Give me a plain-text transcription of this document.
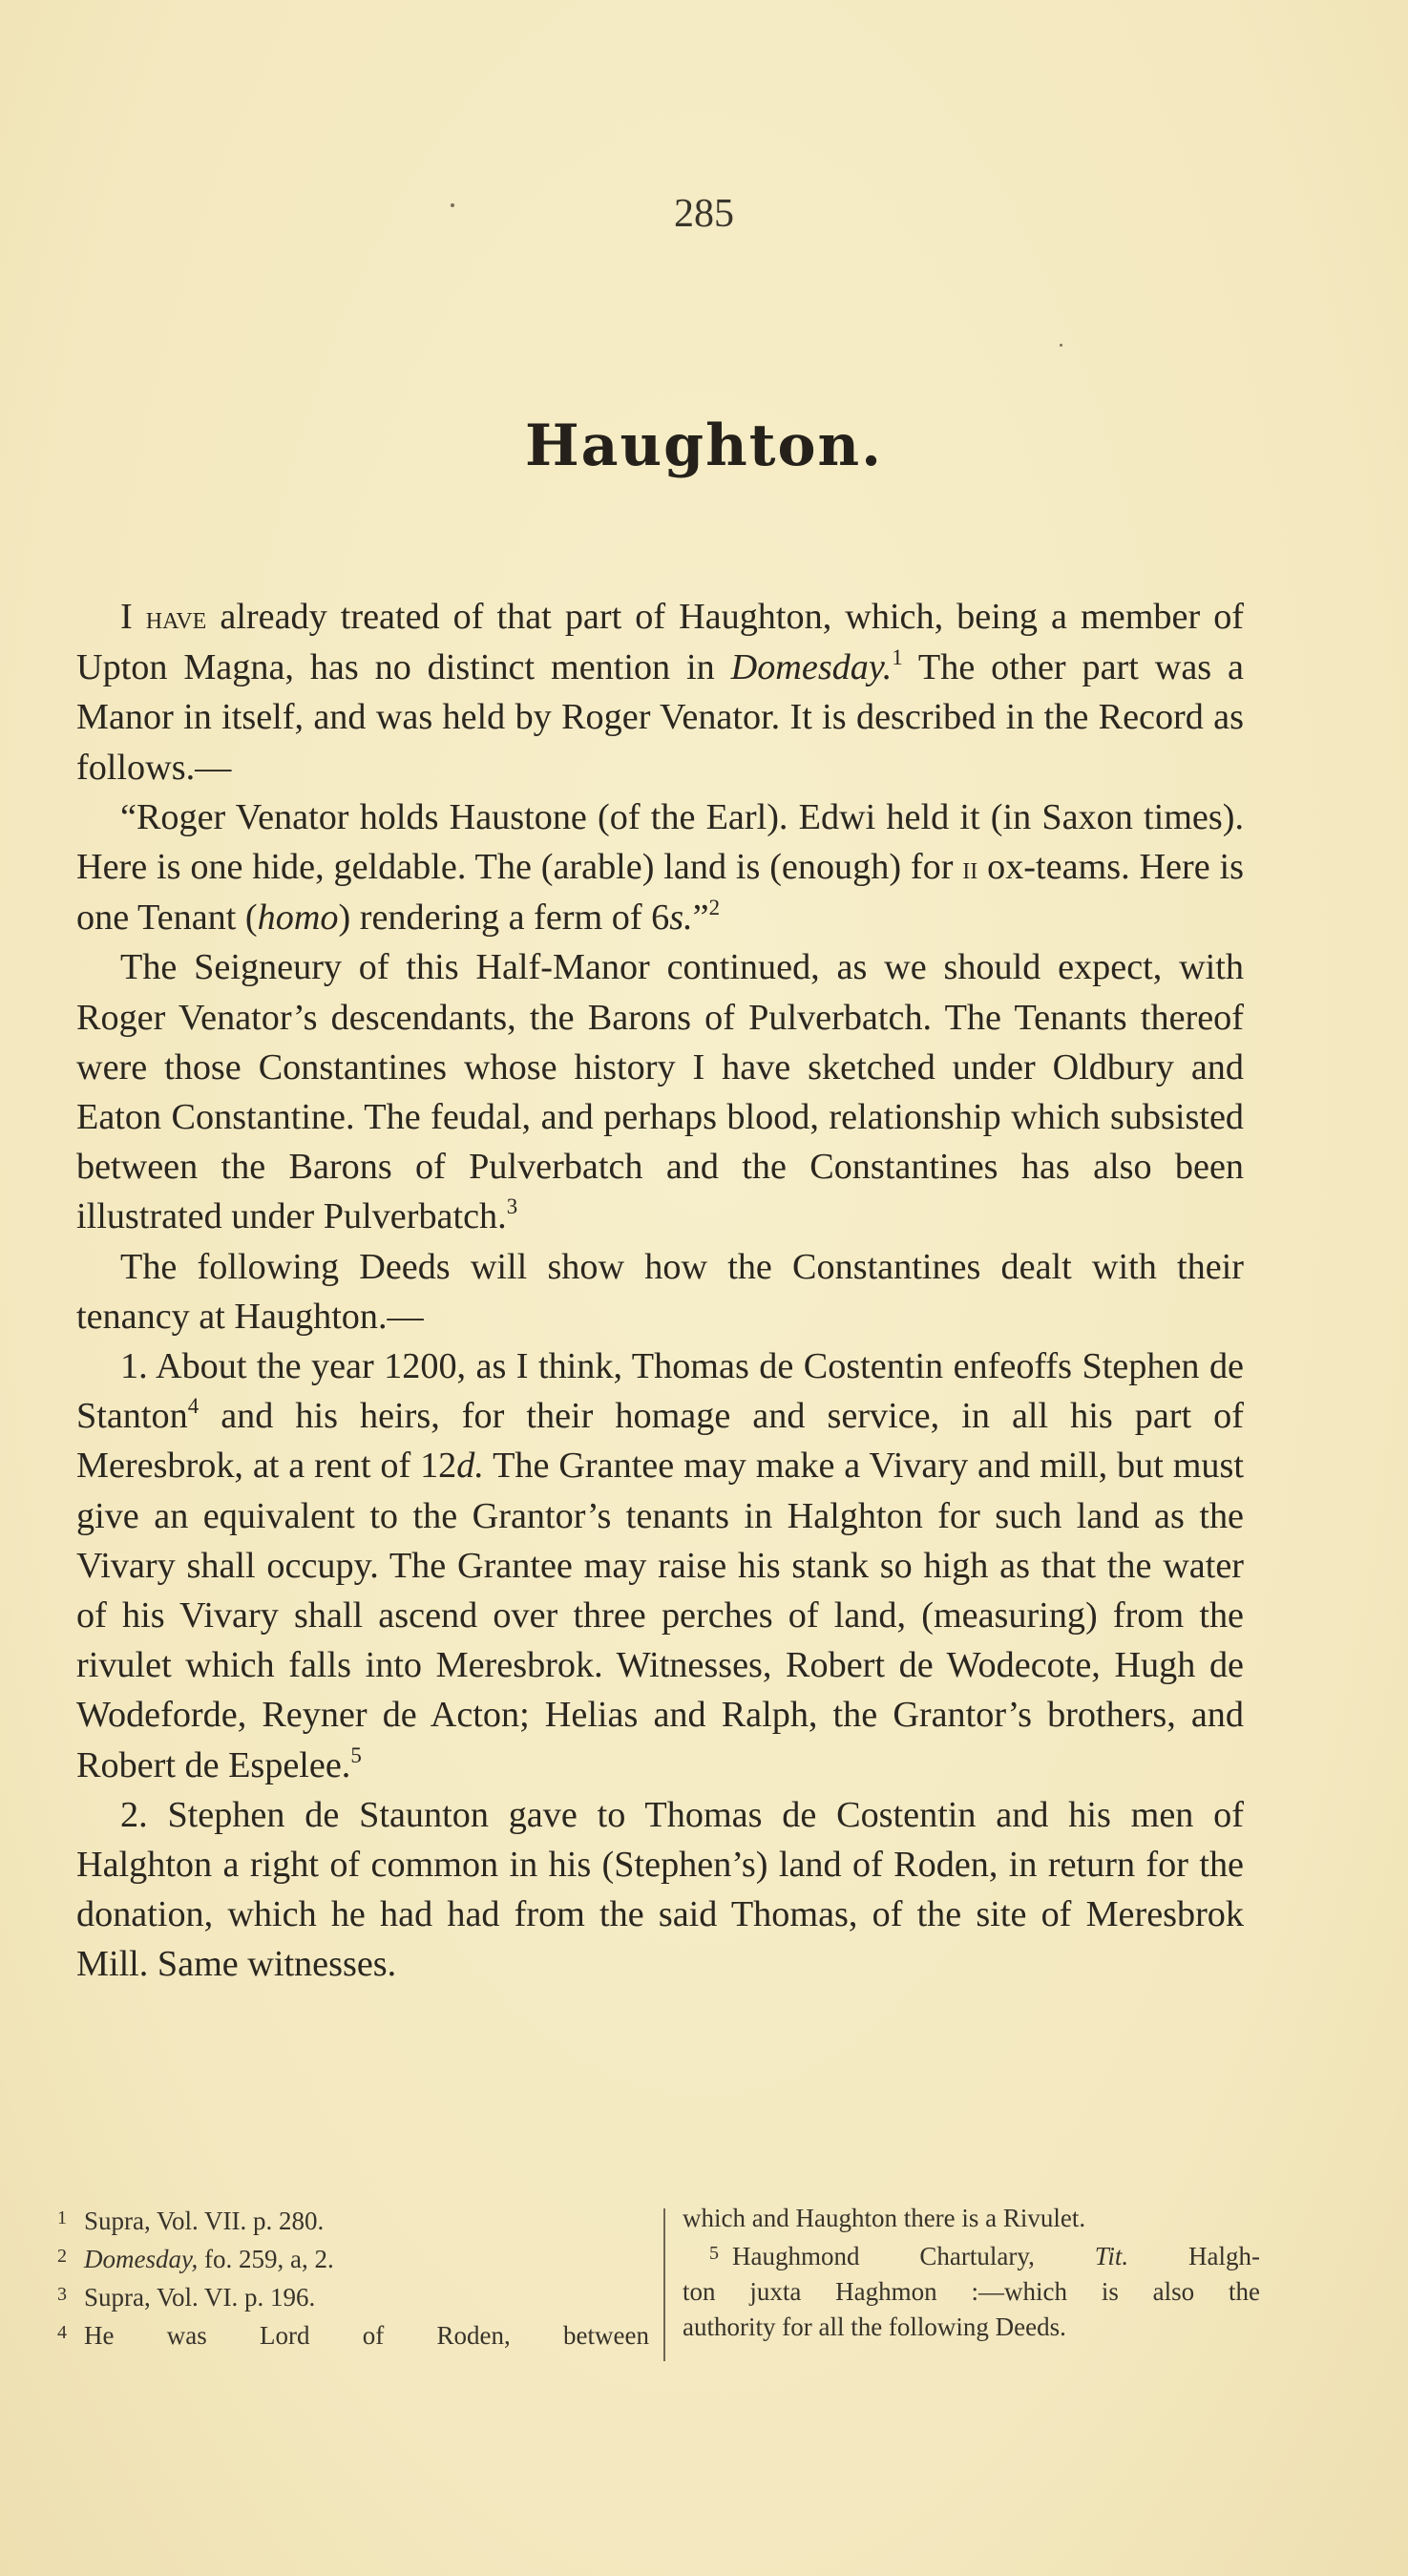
285
Haughton.

I have already treated of that part of Haughton, which, being a member of Upton Magna, has no distinct mention in Domesday.$^1$ The other part was a Manor in itself, and was held by Roger Venator. It is described in the Record as follows.—

“Roger Venator holds Haustone (of the Earl). Edwi held it (in Saxon times). Here is one hide, geldable. The (arable) land is (enough) for ii ox-teams. Here is one Tenant (homo) rendering a ferm of 6s.”$^2$

The Seigneury of this Half-Manor continued, as we should expect, with Roger Venator’s descendants, the Barons of Pulverbatch. The Tenants thereof were those Constantines whose history I have sketched under Oldbury and Eaton Constantine. The feudal, and perhaps blood, relationship which subsisted between the Barons of Pulverbatch and the Constantines has also been illustrated under Pulverbatch.$^3$

The following Deeds will show how the Constantines dealt with their tenancy at Haughton.—

1. About the year 1200, as I think, Thomas de Costentin enfeoffs Stephen de Stanton$^4$ and his heirs, for their homage and service, in all his part of Meresbrok, at a rent of 12d. The Grantee may make a Vivary and mill, but must give an equivalent to the Grantor’s tenants in Halghton for such land as the Vivary shall occupy. The Grantee may raise his stank so high as that the water of his Vivary shall ascend over three perches of land, (measuring) from the rivulet which falls into Meresbrok. Witnesses, Robert de Wodecote, Hugh de Wodeforde, Reyner de Acton; Helias and Ralph, the Grantor’s brothers, and Robert de Espelee.$^5$

2. Stephen de Staunton gave to Thomas de Costentin and his men of Halghton a right of common in his (Stephen’s) land of Roden, in return for the donation, which he had had from the said Thomas, of the site of Meresbrok Mill. Same witnesses.

1 Supra, Vol. VII. p. 280.
2 Domesday, fo. 259, a, 2.
3 Supra, Vol. VI. p. 196.
4 He was Lord of Roden, between
which and Haughton there is a Rivulet.
5 Haughmond Chartulary, Tit. Halgh-
ton juxta Haghmon :—which is also the
authority for all the following Deeds.
